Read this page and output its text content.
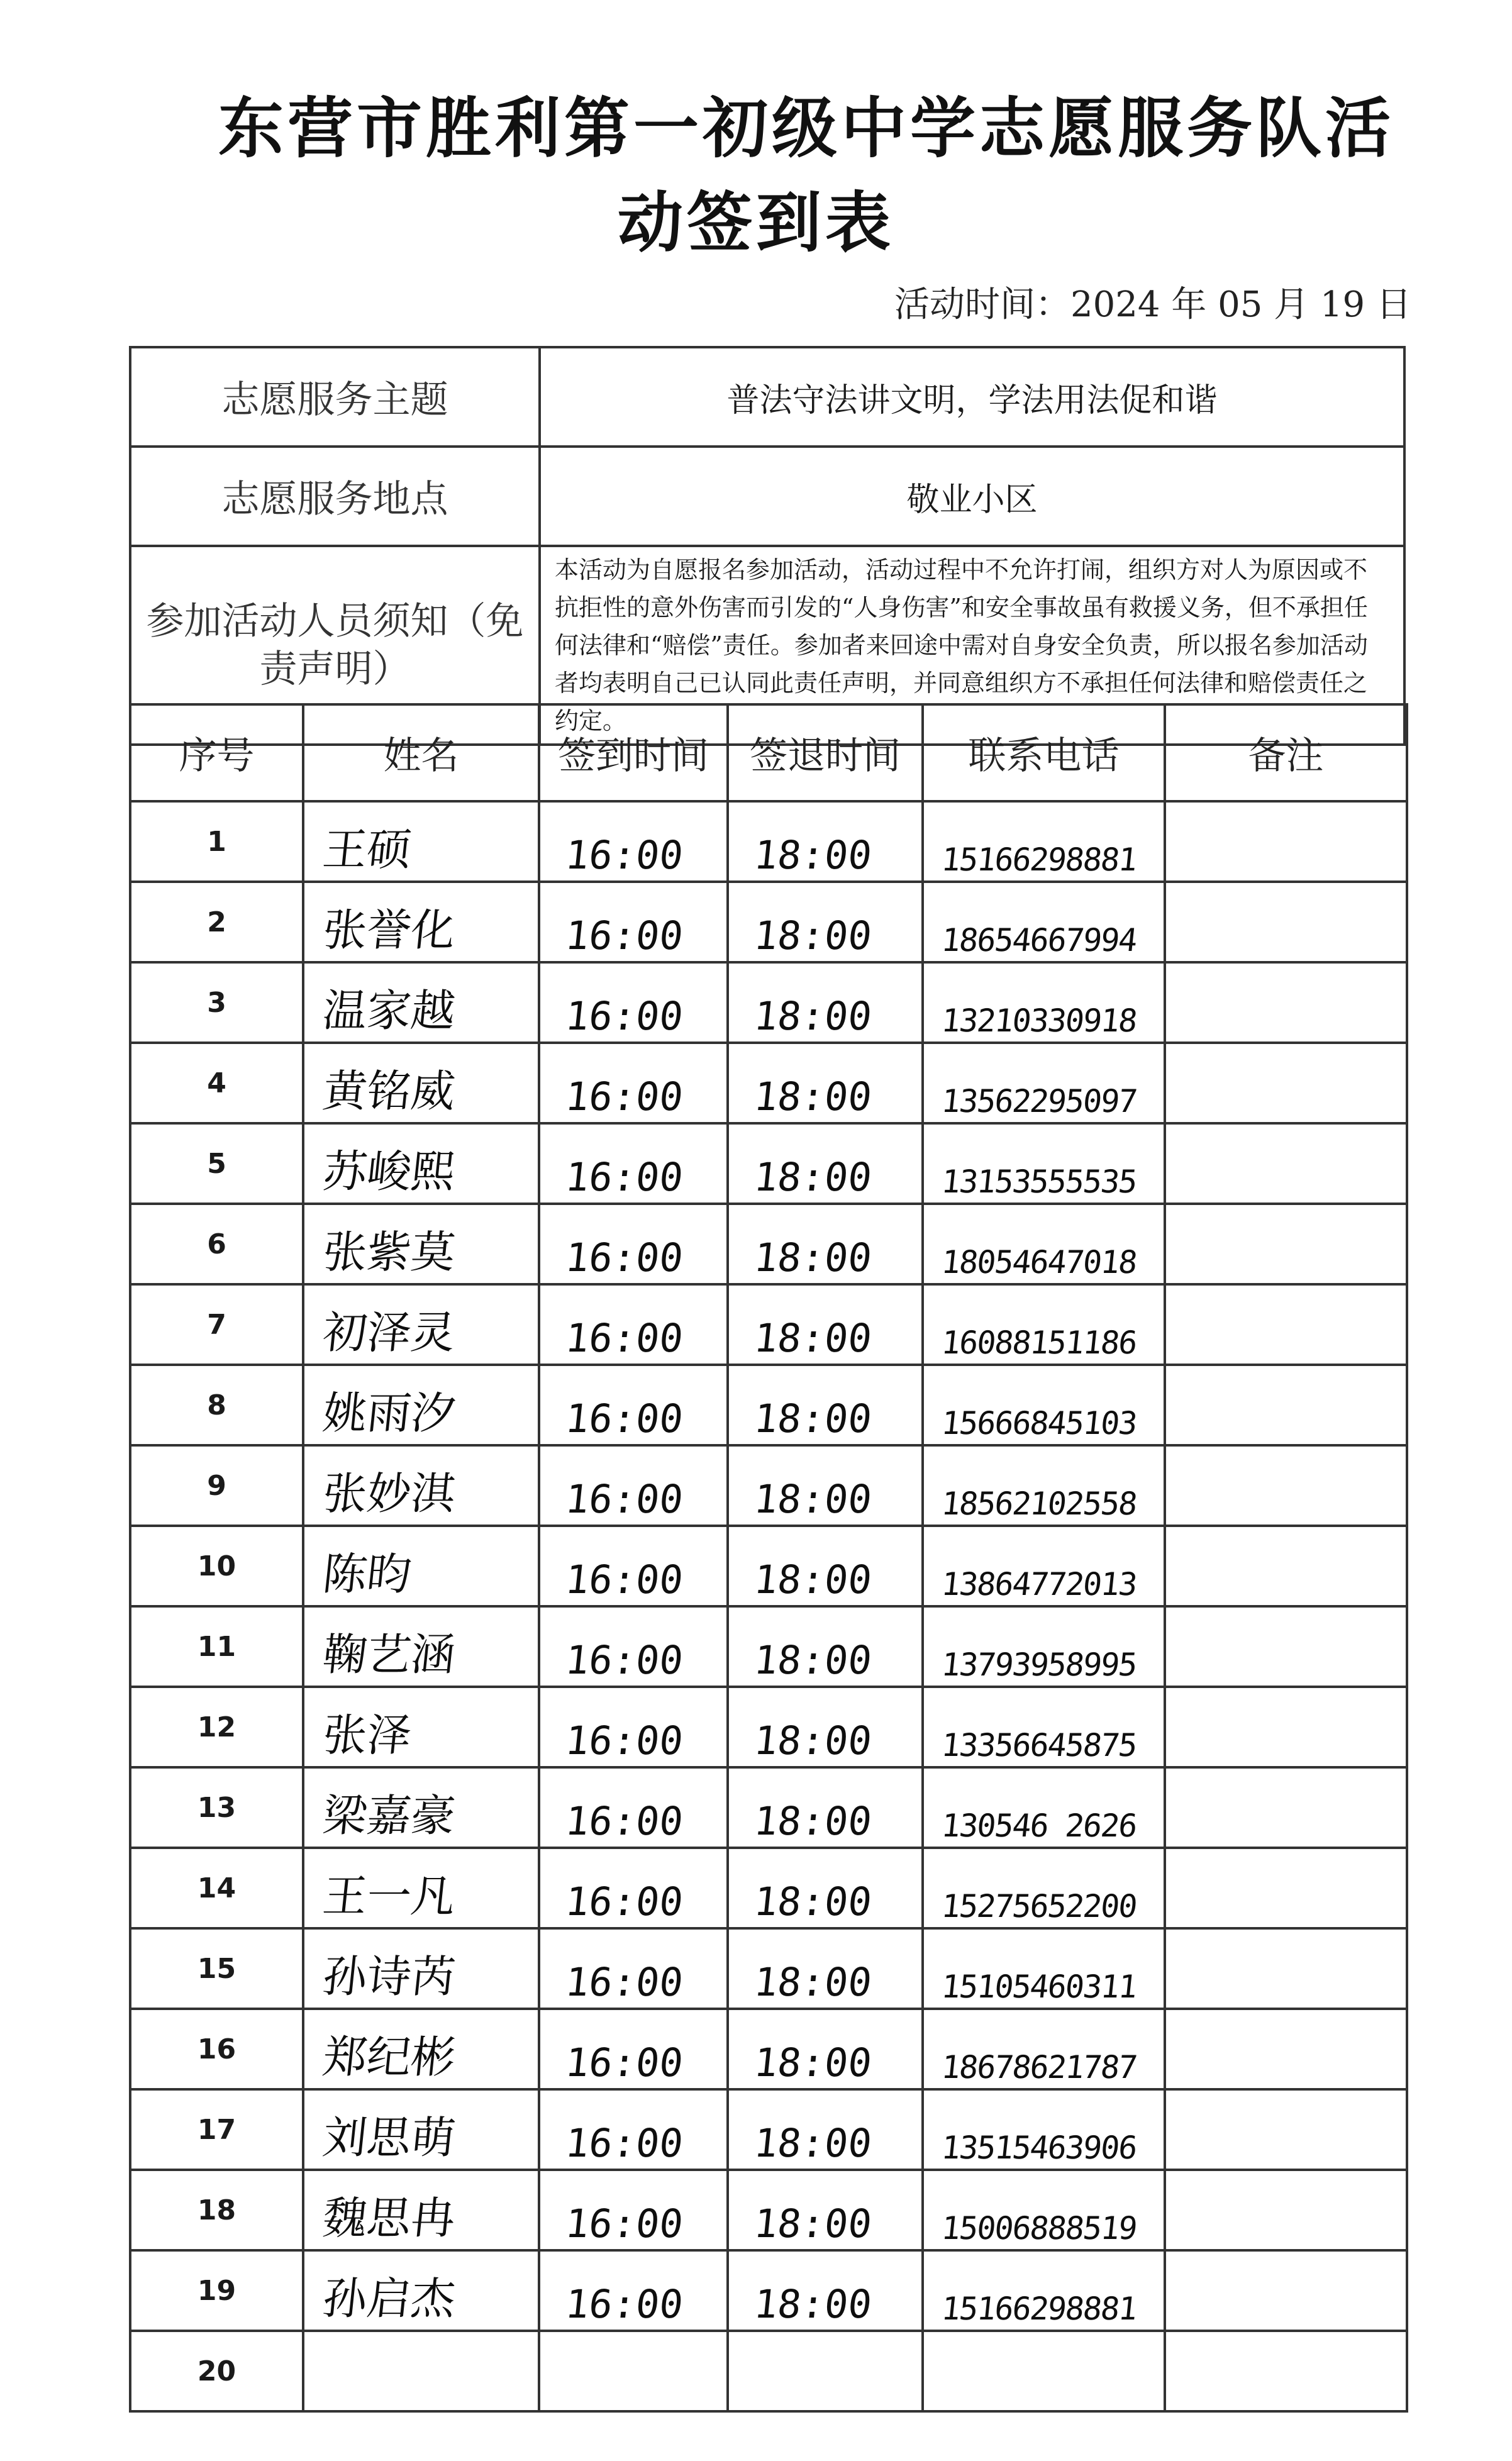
东营市胜利第一初级中学志愿服务队活
动签到表
活动时间：2024 年 05 月 19 日
志愿服务主题	普法守法讲文明，学法用法促和谐
志愿服务地点	敬业小区
参加活动人员须知（免责声明）	本活动为自愿报名参加活动，活动过程中不允许打闹，组织方对人为原因或不抗拒性的意外伤害而引发的“人身伤害”和安全事故虽有救援义务，但不承担任何法律和“赔偿”责任。参加者来回途中需对自身安全负责，所以报名参加活动者均表明自己已认同此责任声明，并同意组织方不承担任何法律和赔偿责任之约定。
序号	姓名	签到时间	签退时间	联系电话	备注
1	王硕	16:00	18:00	15166298881	

2	张誉化	16:00	18:00	18654667994	

3	温家越	16:00	18:00	13210330918	

4	黄铭威	16:00	18:00	13562295097	

5	苏峻熙	16:00	18:00	13153555535	

6	张紫莫	16:00	18:00	18054647018	

7	初泽灵	16:00	18:00	16088151186	

8	姚雨汐	16:00	18:00	15666845103	

9	张妙淇	16:00	18:00	18562102558	

10	陈昀	16:00	18:00	13864772013	

11	鞠艺涵	16:00	18:00	13793958995	

12	张泽	16:00	18:00	13356645875	

13	梁嘉豪	16:00	18:00	130546 2626	

14	王一凡	16:00	18:00	15275652200	

15	孙诗芮	16:00	18:00	15105460311	

16	郑纪彬	16:00	18:00	18678621787	

17	刘思萌	16:00	18:00	13515463906	

18	魏思冉	16:00	18:00	15006888519	

19	孙启杰	16:00	18:00	15166298881	

20	
